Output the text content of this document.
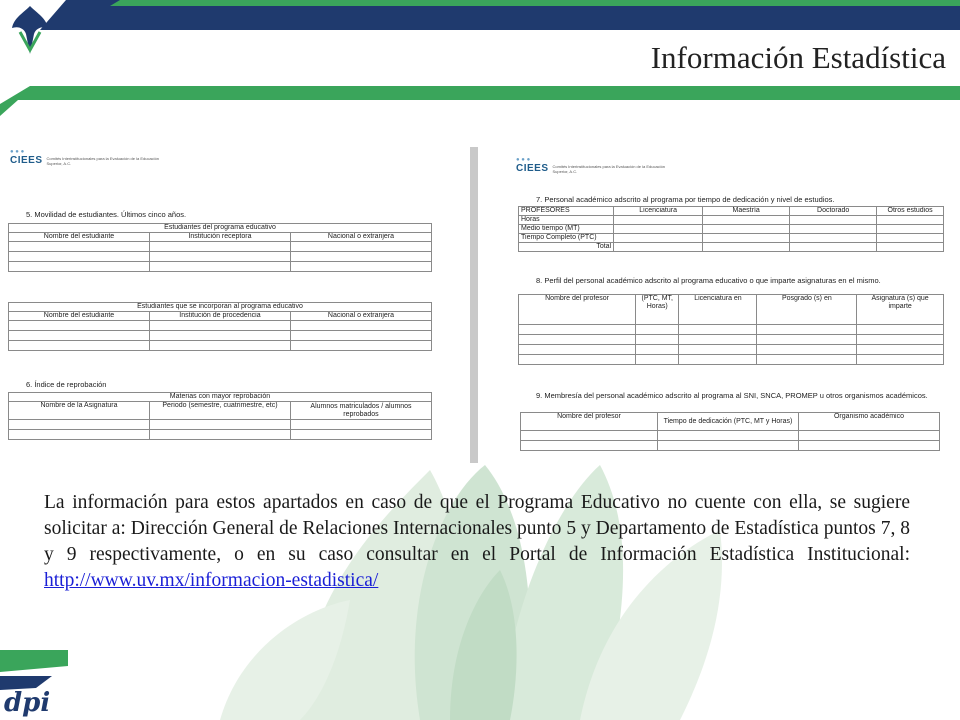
Información Estadística
● ● ●
CIEES Comités Interinstitucionales para la Evaluación de la Educación Superior, A.C.
5. Movilidad de estudiantes. Últimos cinco años.
Estudiantes del programa educativo		
Nombre del estudiante	Institución receptora	Nacional o extranjera

Estudiantes que se incorporan al programa educativo		
Nombre del estudiante	Institución de procedencia	Nacional o extranjera

6. Índice de reprobación
Materias con mayor reprobación		
Nombre de la Asignatura	Periodo (semestre, cuatrimestre, etc)	Alumnos matriculados / alumnos reprobados

● ● ●
CIEES Comités Interinstitucionales para la Evaluación de la Educación Superior, A.C.
7. Personal académico adscrito al programa por tiempo de dedicación y nivel de estudios.
PROFESORES	Licenciatura	Maestría	Doctorado	Otros estudios
Horas				
Medio tiempo (MT)				
Tiempo Completo (PTC)				
Total				
8. Perfil del personal académico adscrito al programa educativo o que imparte asignaturas en el mismo.
Nombre del profesor	(PTC, MT, Horas)	Licenciatura en	Posgrado (s) en	Asignatura (s) que imparte

9. Membresía del personal académico adscrito al programa al SNI, SNCA, PROMEP u otros organismos académicos.
Nombre del profesor	Tiempo de dedicación (PTC, MT y Horas)	Organismo académico

La información para estos apartados en caso de que el Programa Educativo no cuente con ella, se sugiere solicitar a: Dirección General de Relaciones Internacionales punto 5 y Departamento de Estadística puntos 7, 8 y 9 respectivamente, o en su caso consultar en el Portal de Información Estadística Institucional: http://www.uv.mx/informacion-estadistica/
dpi
